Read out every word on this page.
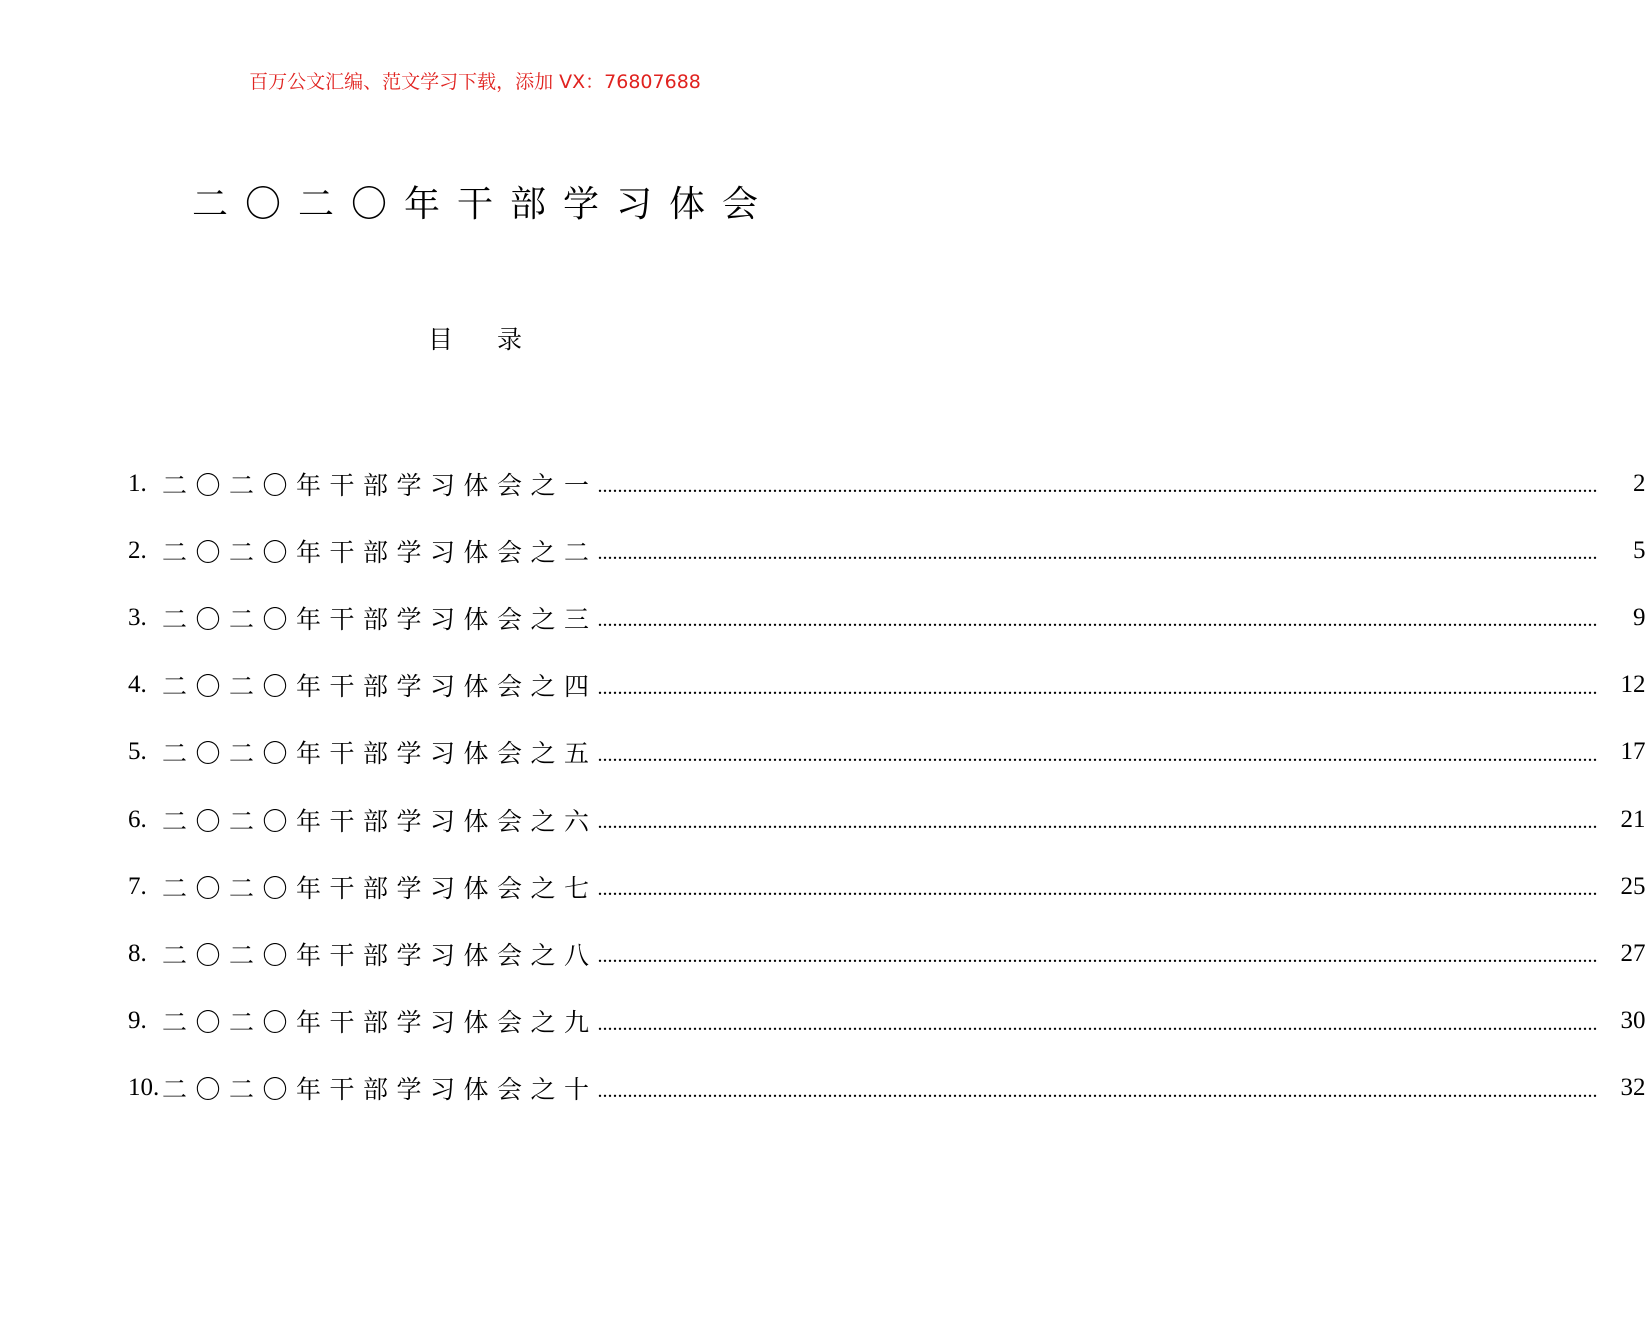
百万公文汇编、范文学习下载，添加 VX：76807688
二〇二〇年干部学习体会
目录
1. 二〇二〇年干部学习体会之一 ........................................................................................................................................................................................................	2
2. 二〇二〇年干部学习体会之二 ........................................................................................................................................................................................................	5
3. 二〇二〇年干部学习体会之三 ........................................................................................................................................................................................................	9
4. 二〇二〇年干部学习体会之四 ........................................................................................................................................................................................................ 12
5. 二〇二〇年干部学习体会之五 ........................................................................................................................................................................................................ 17
6. 二〇二〇年干部学习体会之六 ........................................................................................................................................................................................................ 21
7. 二〇二〇年干部学习体会之七 ........................................................................................................................................................................................................ 25
8. 二〇二〇年干部学习体会之八 ........................................................................................................................................................................................................ 27
9. 二〇二〇年干部学习体会之九 ........................................................................................................................................................................................................ 30
10. 二〇二〇年干部学习体会之十 ........................................................................................................................................................................................................ 32
